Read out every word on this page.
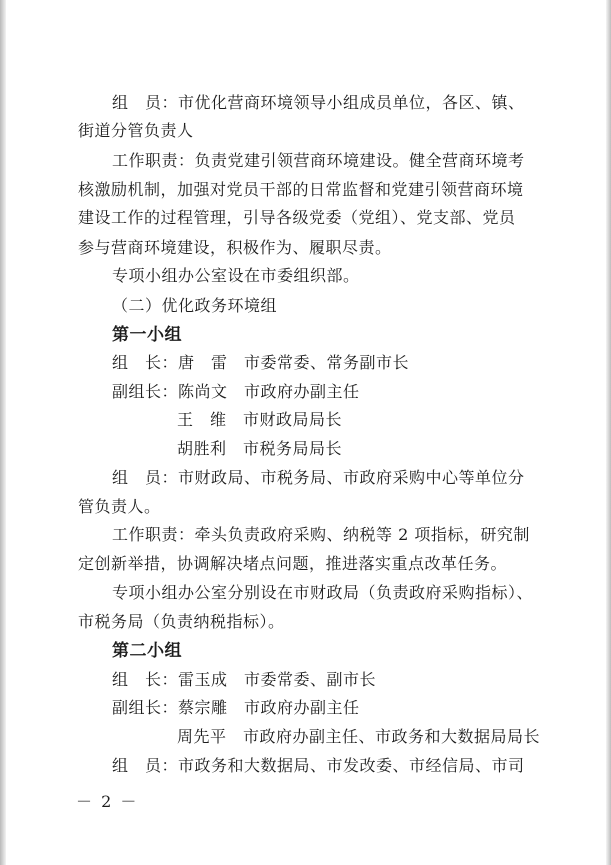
组　员：市优化营商环境领导小组成员单位，各区、镇、
街道分管负责人
工作职责：负责党建引领营商环境建设。健全营商环境考
核激励机制，加强对党员干部的日常监督和党建引领营商环境
建设工作的过程管理，引导各级党委（党组）、党支部、党员
参与营商环境建设，积极作为、履职尽责。
专项小组办公室设在市委组织部。
（二）优化政务环境组
第一小组
组　长：唐　雷　市委常委、常务副市长
副组长：陈尚文　市政府办副主任
王　维　市财政局局长
胡胜利　市税务局局长
组　员：市财政局、市税务局、市政府采购中心等单位分
管负责人。
工作职责：牵头负责政府采购、纳税等 2 项指标，研究制
定创新举措，协调解决堵点问题，推进落实重点改革任务。
专项小组办公室分别设在市财政局（负责政府采购指标）、
市税务局（负责纳税指标）。
第二小组
组　长：雷玉成　市委常委、副市长
副组长：蔡宗雕　市政府办副主任
周先平　市政府办副主任、市政务和大数据局局长
组　员：市政务和大数据局、市发改委、市经信局、市司
－ 2 －
